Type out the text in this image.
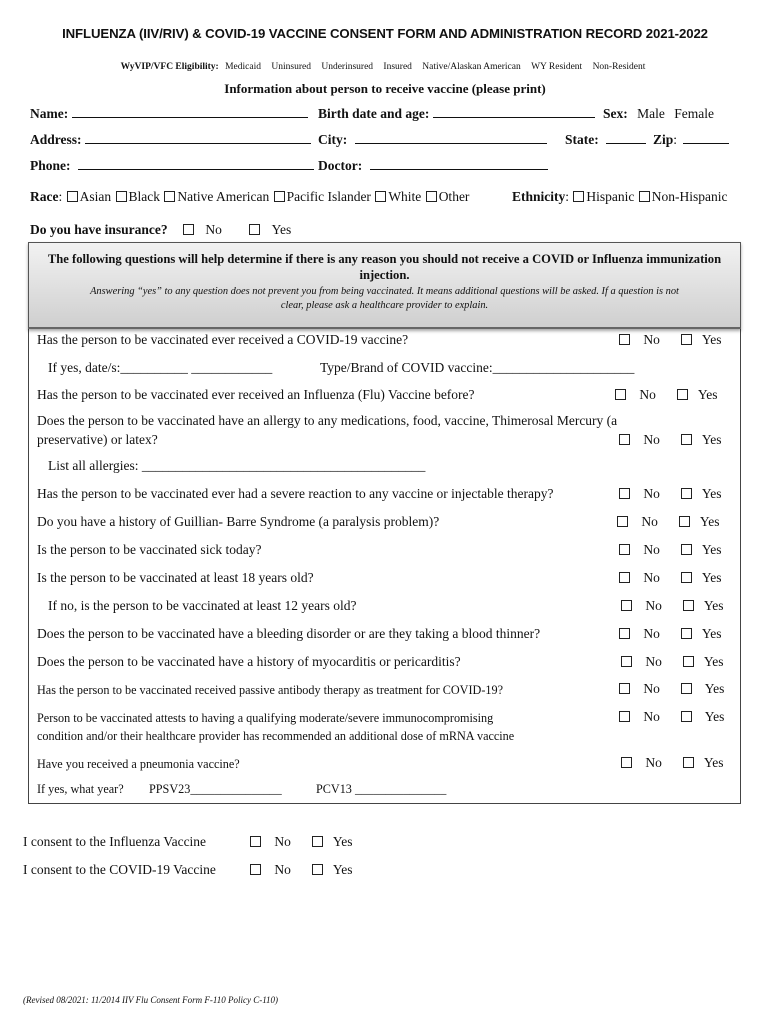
INFLUENZA (IIV/RIV) & COVID-19 VACCINE CONSENT FORM AND ADMINISTRATION RECORD 2021-2022
WyVIP/VFC Eligibility: Medicaid Uninsured Underinsured Insured Native/Alaskan American WY Resident Non-Resident
Information about person to receive vaccine (please print)
Name:	Birth date and age:	Sex: Male Female
Address:	City:	State:	Zip:
Phone:	Doctor:
Race: Asian Black Native American Pacific Islander White Other	Ethnicity: Hispanic Non-Hispanic
Do you have insurance?	No	Yes
The following questions will help determine if there is any reason you should not receive a COVID or Influenza immunization injection.
Answering “yes” to any question does not prevent you from being vaccinated. It means additional questions will be asked. If a question is not
clear, please ask a healthcare provider to explain.
Has the person to be vaccinated ever received a COVID-19 vaccine?	No	Yes
If yes, date/s:__________ ____________	Type/Brand of COVID vaccine:_____________________
Has the person to be vaccinated ever received an Influenza (Flu) Vaccine before?	No	Yes
Does the person to be vaccinated have an allergy to any medications, food, vaccine, Thimerosal Mercury (a
preservative) or latex?	No	Yes
List all allergies: __________________________________________
Has the person to be vaccinated ever had a severe reaction to any vaccine or injectable therapy?	No	Yes
Do you have a history of Guillian- Barre Syndrome (a paralysis problem)?	No	Yes
Is the person to be vaccinated sick today?	No	Yes
Is the person to be vaccinated at least 18 years old?	No	Yes
If no, is the person to be vaccinated at least 12 years old?	No	Yes
Does the person to be vaccinated have a bleeding disorder or are they taking a blood thinner?	No	Yes
Does the person to be vaccinated have a history of myocarditis or pericarditis?	No	Yes
Has the person to be vaccinated received passive antibody therapy as treatment for COVID-19?	No	Yes
Person to be vaccinated attests to having a qualifying moderate/severe immunocompromising
condition and/or their healthcare provider has recommended an additional dose of mRNA vaccine
No	Yes
Have you received a pneumonia vaccine?	No	Yes
If yes, what year? PPSV23_______________	PCV13 _______________
I consent to the Influenza Vaccine	No	Yes
I consent to the COVID-19 Vaccine	No	Yes
(Revised 08/2021: 11/2014 IIV Flu Consent Form F-110 Policy C-110)
